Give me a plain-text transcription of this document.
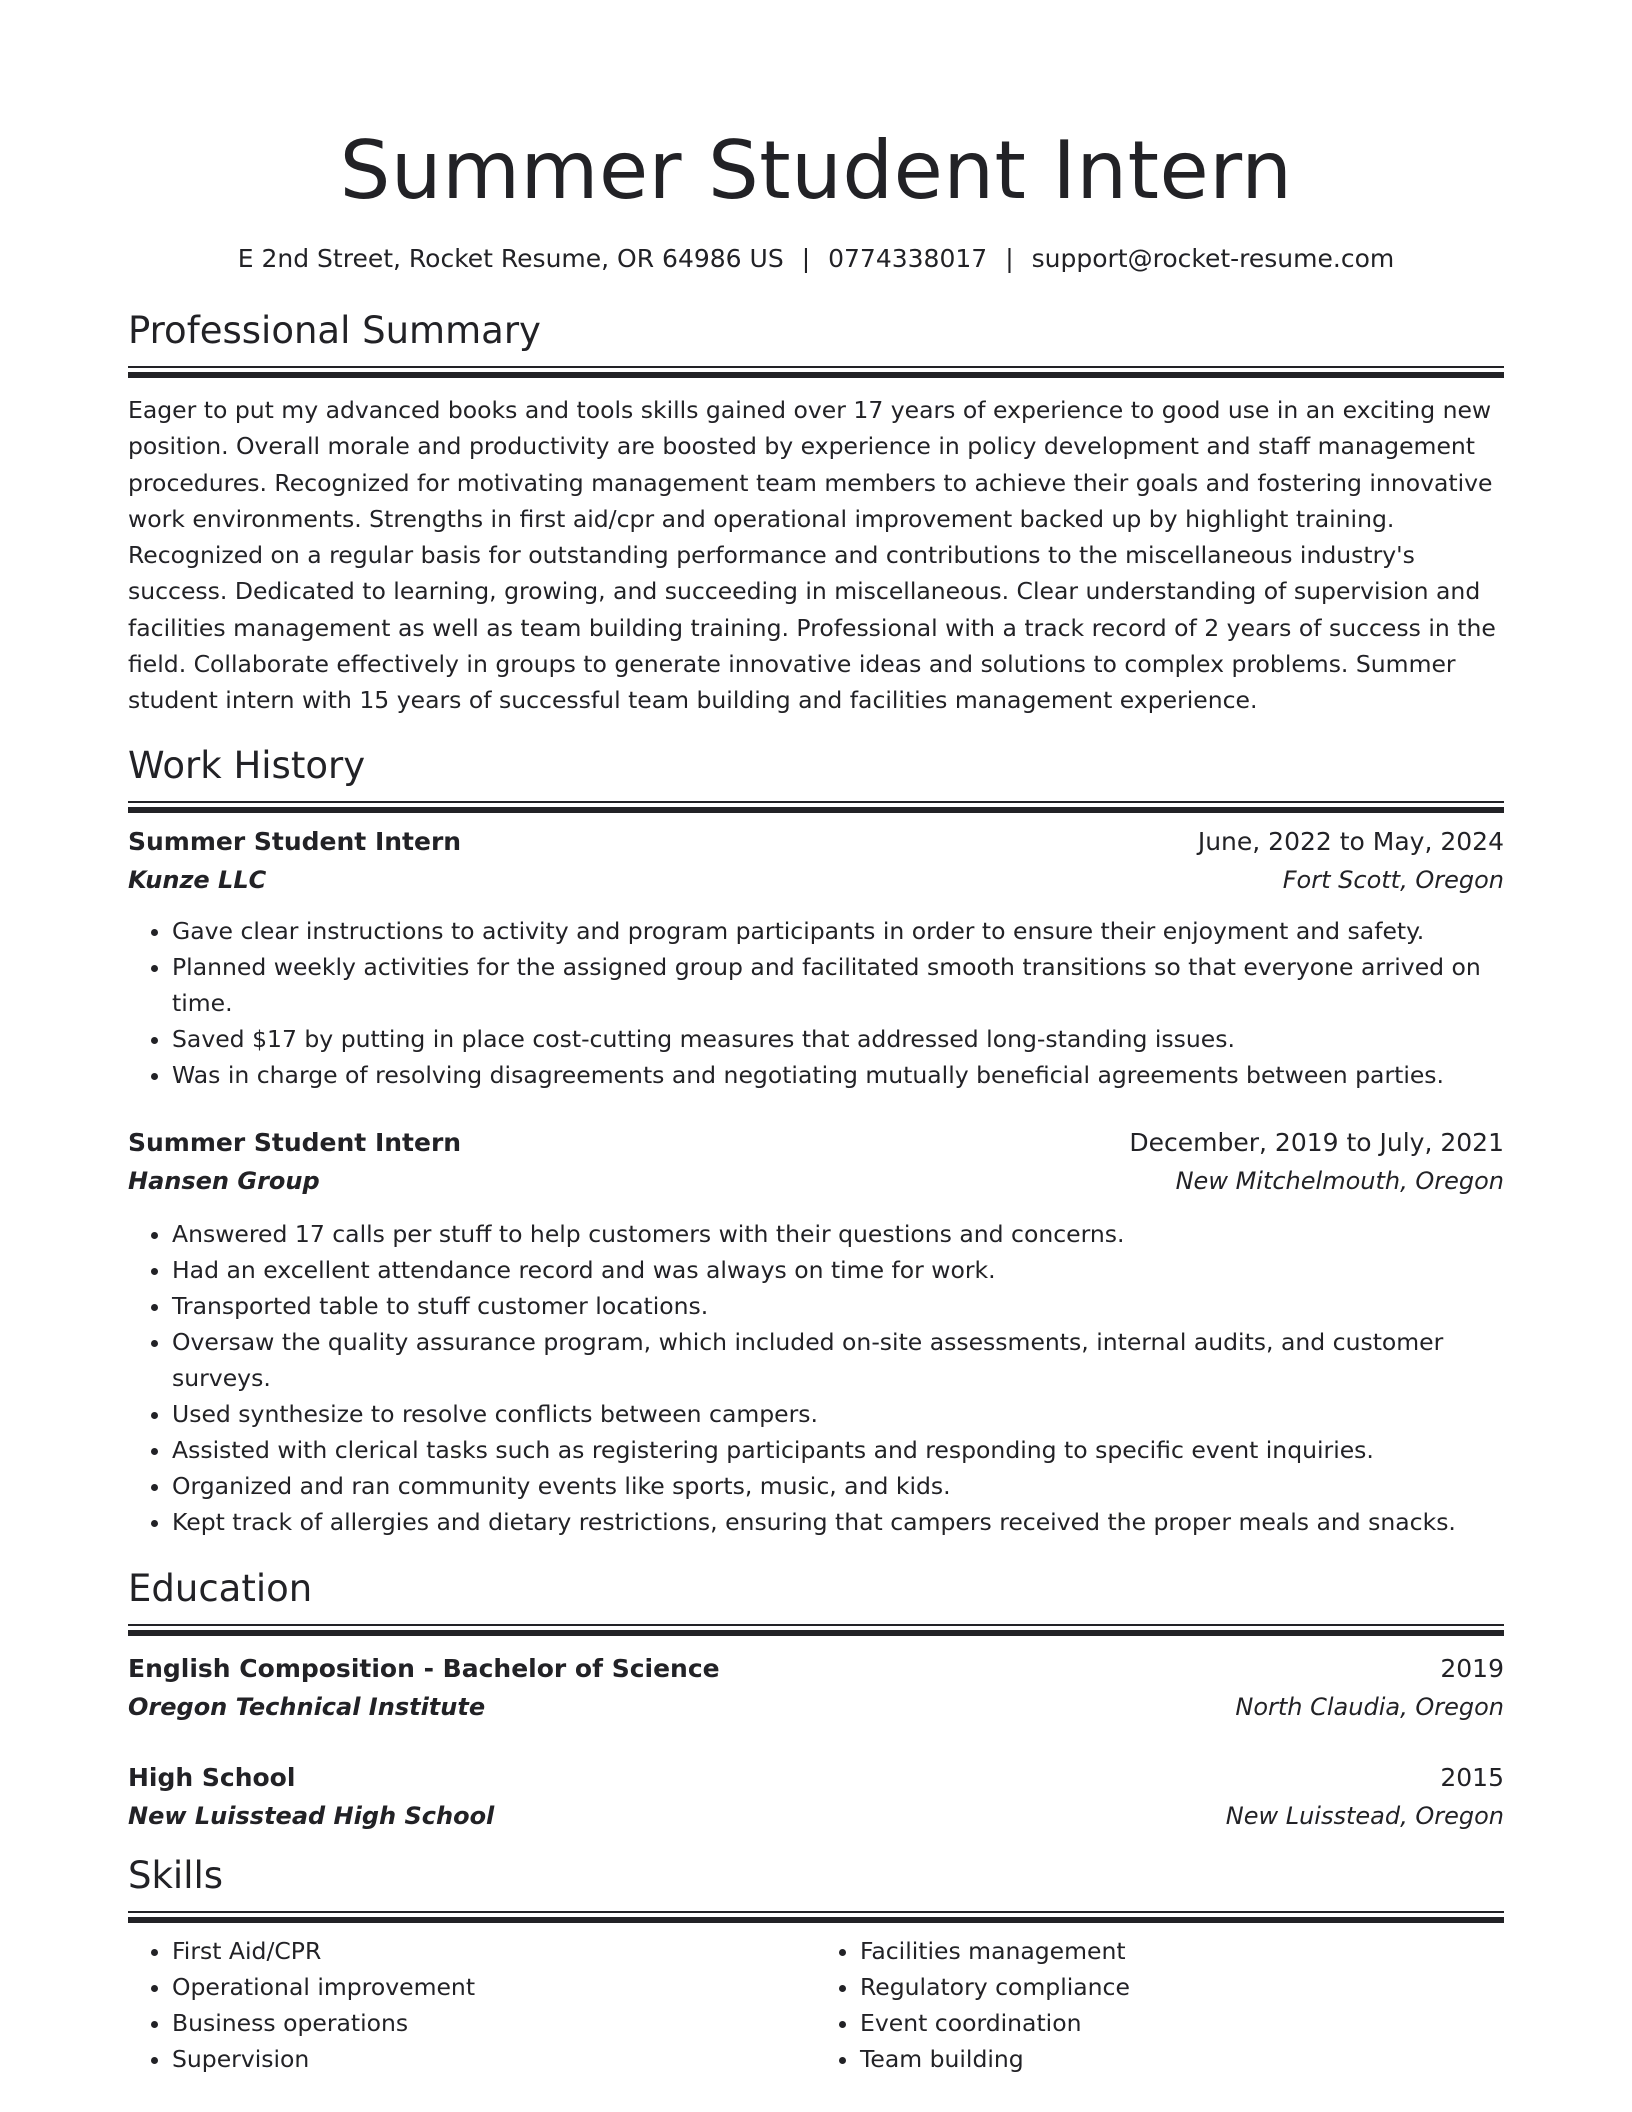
Summer Student Intern
E 2nd Street, Rocket Resume, OR 64986 US | 0774338017 | support@rocket-resume.com
Professional Summary
Eager to put my advanced books and tools skills gained over 17 years of experience to good use in an exciting new position. Overall morale and productivity are boosted by experience in policy development and staff management procedures. Recognized for motivating management team members to achieve their goals and fostering innovative work environments. Strengths in first aid/cpr and operational improvement backed up by highlight training. Recognized on a regular basis for outstanding performance and contributions to the miscellaneous industry's success. Dedicated to learning, growing, and succeeding in miscellaneous. Clear understanding of supervision and facilities management as well as team building training. Professional with a track record of 2 years of success in the field. Collaborate effectively in groups to generate innovative ideas and solutions to complex problems. Summer student intern with 15 years of successful team building and facilities management experience.
Work History
Summer Student Intern	June, 2022 to May, 2024
Kunze LLC	Fort Scott, Oregon
• Gave clear instructions to activity and program participants in order to ensure their enjoyment and safety.
• Planned weekly activities for the assigned group and facilitated smooth transitions so that everyone arrived on time.
• Saved $17 by putting in place cost-cutting measures that addressed long-standing issues.
• Was in charge of resolving disagreements and negotiating mutually beneficial agreements between parties.
Summer Student Intern	December, 2019 to July, 2021
Hansen Group	New Mitchelmouth, Oregon
• Answered 17 calls per stuff to help customers with their questions and concerns.
• Had an excellent attendance record and was always on time for work.
• Transported table to stuff customer locations.
• Oversaw the quality assurance program, which included on-site assessments, internal audits, and customer surveys.
• Used synthesize to resolve conflicts between campers.
• Assisted with clerical tasks such as registering participants and responding to specific event inquiries.
• Organized and ran community events like sports, music, and kids.
• Kept track of allergies and dietary restrictions, ensuring that campers received the proper meals and snacks.
Education
English Composition - Bachelor of Science	2019
Oregon Technical Institute	North Claudia, Oregon
High School	2015
New Luisstead High School	New Luisstead, Oregon
Skills
• First Aid/CPR
• Operational improvement
• Business operations
• Supervision
• Facilities management
• Regulatory compliance
• Event coordination
• Team building
